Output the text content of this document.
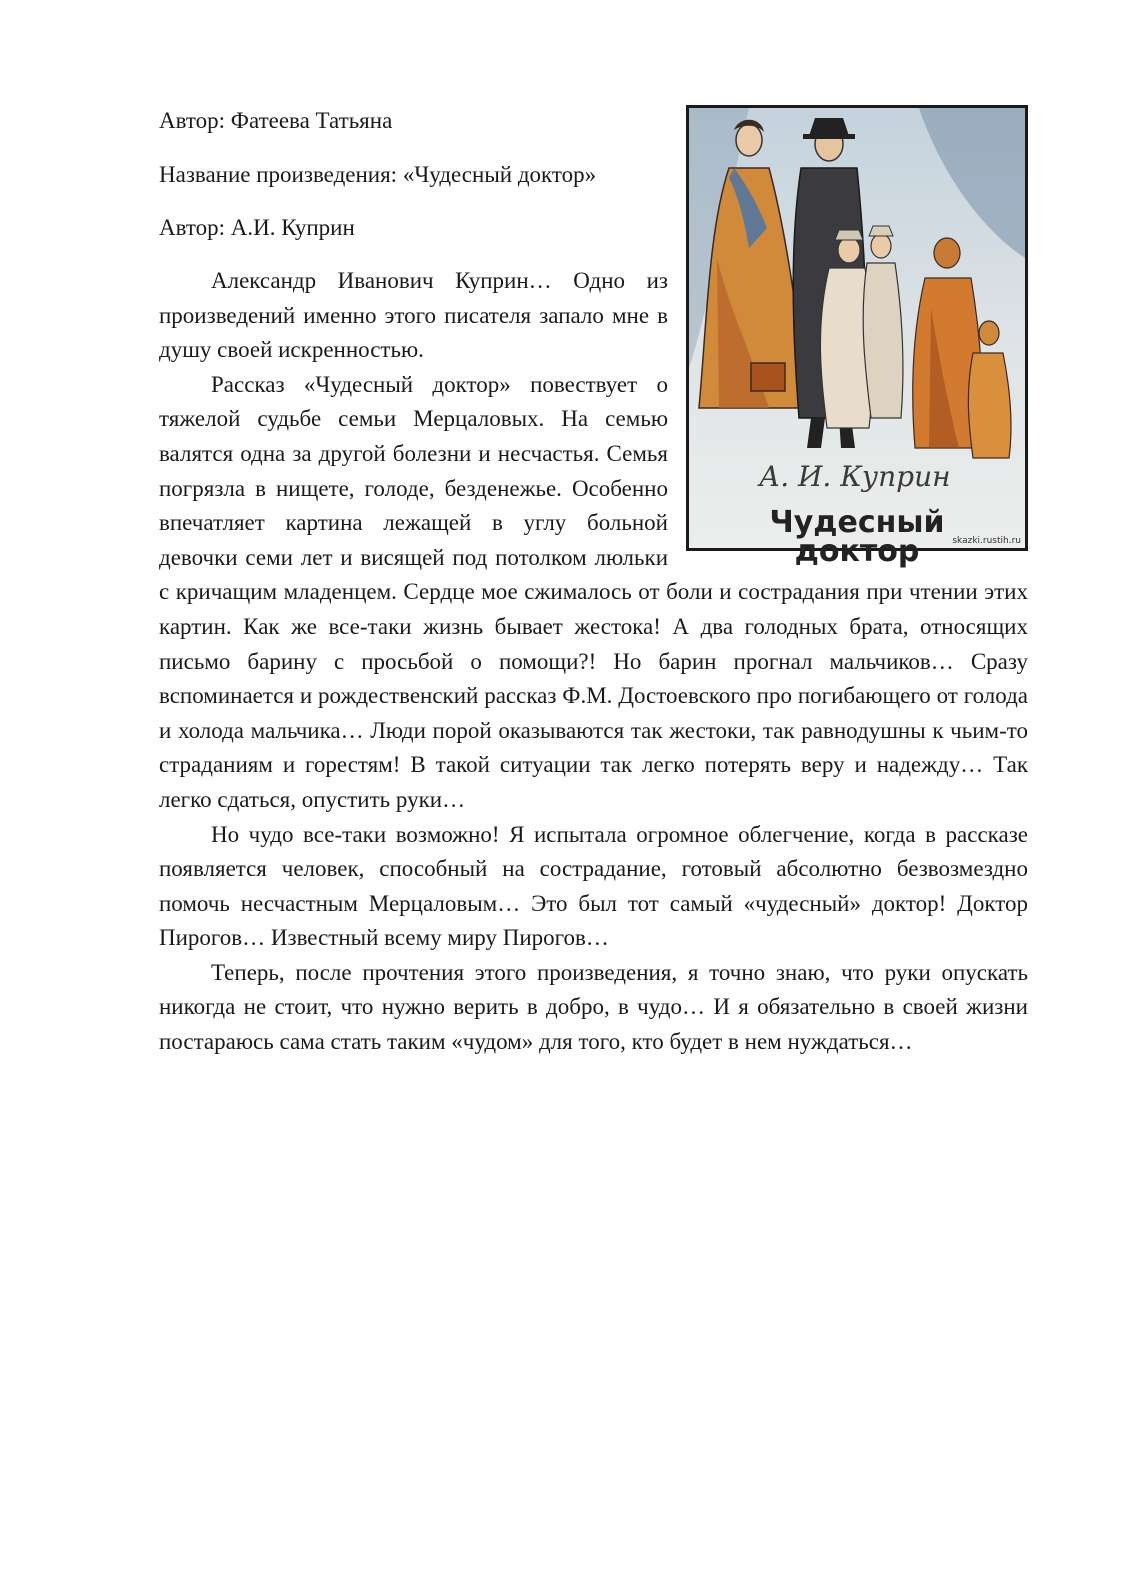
Автор: Фатеева Татьяна

Название произведения: «Чудесный доктор»

Автор: А.И. Куприн

А. И. Куприн
Чудесный
доктор	skazki.rustih.ru

Александр Иванович Куприн… Одно из произведений именно этого писателя запало мне в душу своей искренностью.

Рассказ «Чудесный доктор» повествует о тяжелой судьбе семьи Мерцаловых. На семью валятся одна за другой болезни и несчастья. Семья погрязла в нищете, голоде, безденежье. Особенно впечатляет картина лежащей в углу больной девочки семи лет и висящей под потолком люльки с кричащим младенцем. Сердце мое сжималось от боли и сострадания при чтении этих картин. Как же все-таки жизнь бывает жестока! А два голодных брата, относящих письмо барину с просьбой о помощи?! Но барин прогнал мальчиков… Сразу вспоминается и рождественский рассказ Ф.М. Достоевского про погибающего от голода и холода мальчика… Люди порой оказываются так жестоки, так равнодушны к чьим-то страданиям и горестям! В такой ситуации так легко потерять веру и надежду… Так легко сдаться, опустить руки…

Но чудо все-таки возможно! Я испытала огромное облегчение, когда в рассказе появляется человек, способный на сострадание, готовый абсолютно безвозмездно помочь несчастным Мерцаловым… Это был тот самый «чудесный» доктор! Доктор Пирогов… Известный всему миру Пирогов…

Теперь, после прочтения этого произведения, я точно знаю, что руки опускать никогда не стоит, что нужно верить в добро, в чудо… И я обязательно в своей жизни постараюсь сама стать таким «чудом» для того, кто будет в нем нуждаться…
